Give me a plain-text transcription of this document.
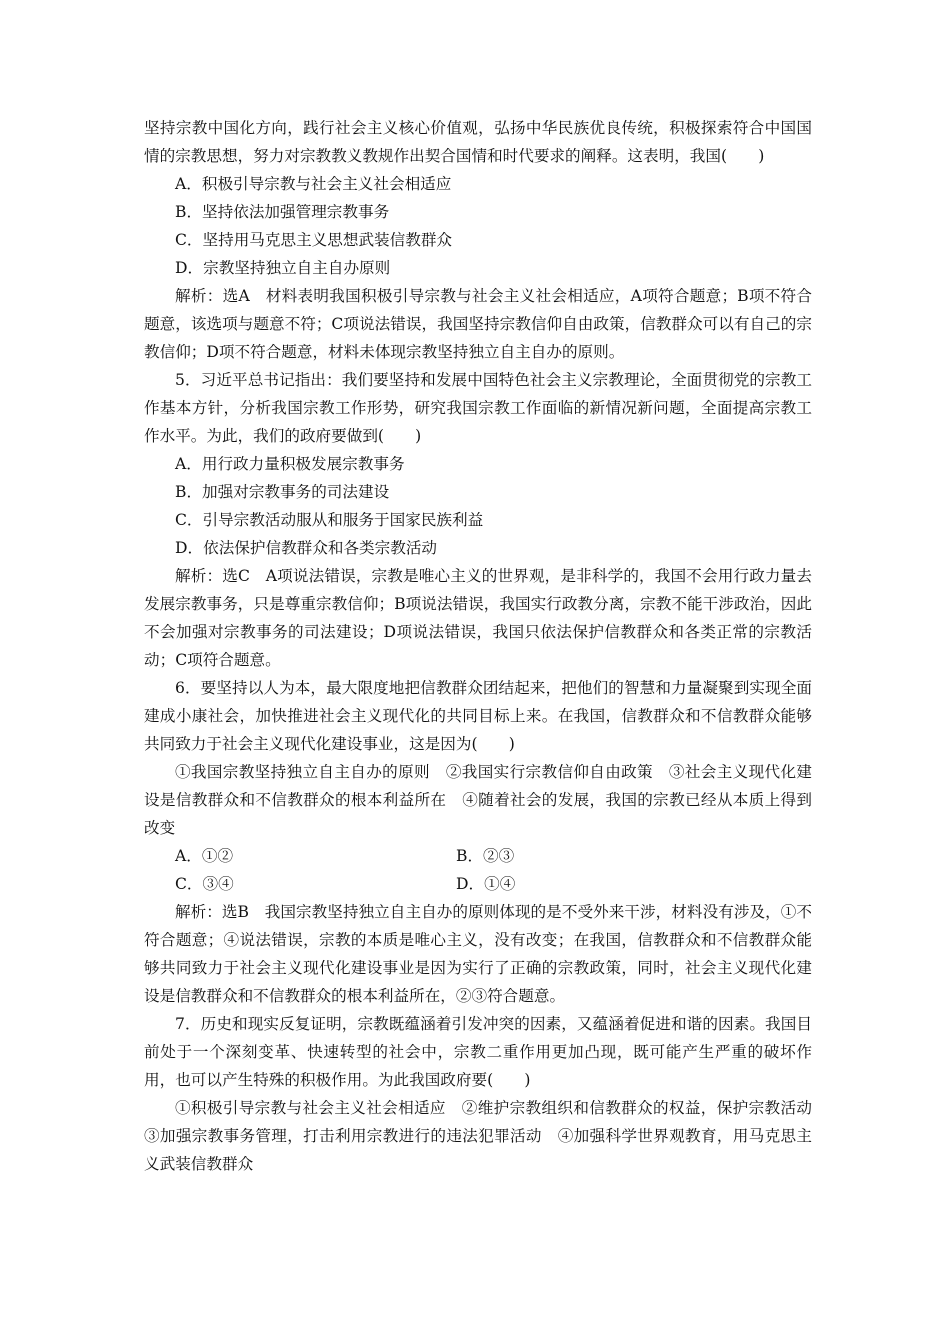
坚持宗教中国化方向，践行社会主义核心价值观，弘扬中华民族优良传统，积极探索符合中国国情的宗教思想，努力对宗教教义教规作出契合国情和时代要求的阐释。这表明，我国(　　)

A．积极引导宗教与社会主义社会相适应

B．坚持依法加强管理宗教事务

C．坚持用马克思主义思想武装信教群众

D．宗教坚持独立自主自办原则

解析：选A　材料表明我国积极引导宗教与社会主义社会相适应，A项符合题意；B项不符合题意，该选项与题意不符；C项说法错误，我国坚持宗教信仰自由政策，信教群众可以有自己的宗教信仰；D项不符合题意，材料未体现宗教坚持独立自主自办的原则。

5．习近平总书记指出：我们要坚持和发展中国特色社会主义宗教理论，全面贯彻党的宗教工作基本方针，分析我国宗教工作形势，研究我国宗教工作面临的新情况新问题，全面提高宗教工作水平。为此，我们的政府要做到(　　)

A．用行政力量积极发展宗教事务

B．加强对宗教事务的司法建设

C．引导宗教活动服从和服务于国家民族利益

D．依法保护信教群众和各类宗教活动

解析：选C　A项说法错误，宗教是唯心主义的世界观，是非科学的，我国不会用行政力量去发展宗教事务，只是尊重宗教信仰；B项说法错误，我国实行政教分离，宗教不能干涉政治，因此不会加强对宗教事务的司法建设；D项说法错误，我国只依法保护信教群众和各类正常的宗教活动；C项符合题意。

6．要坚持以人为本，最大限度地把信教群众团结起来，把他们的智慧和力量凝聚到实现全面建成小康社会，加快推进社会主义现代化的共同目标上来。在我国，信教群众和不信教群众能够共同致力于社会主义现代化建设事业，这是因为(　　)

①我国宗教坚持独立自主自办的原则　②我国实行宗教信仰自由政策　③社会主义现代化建设是信教群众和不信教群众的根本利益所在　④随着社会的发展，我国的宗教已经从本质上得到改变

A．①②	B．②③
C．③④	D．①④

解析：选B　我国宗教坚持独立自主自办的原则体现的是不受外来干涉，材料没有涉及，①不符合题意；④说法错误，宗教的本质是唯心主义，没有改变；在我国，信教群众和不信教群众能够共同致力于社会主义现代化建设事业是因为实行了正确的宗教政策，同时，社会主义现代化建设是信教群众和不信教群众的根本利益所在，②③符合题意。

7．历史和现实反复证明，宗教既蕴涵着引发冲突的因素，又蕴涵着促进和谐的因素。我国目前处于一个深刻变革、快速转型的社会中，宗教二重作用更加凸现，既可能产生严重的破坏作用，也可以产生特殊的积极作用。为此我国政府要(　　)

①积极引导宗教与社会主义社会相适应　②维护宗教组织和信教群众的权益，保护宗教活动　③加强宗教事务管理，打击利用宗教进行的违法犯罪活动　④加强科学世界观教育，用马克思主义武装信教群众
